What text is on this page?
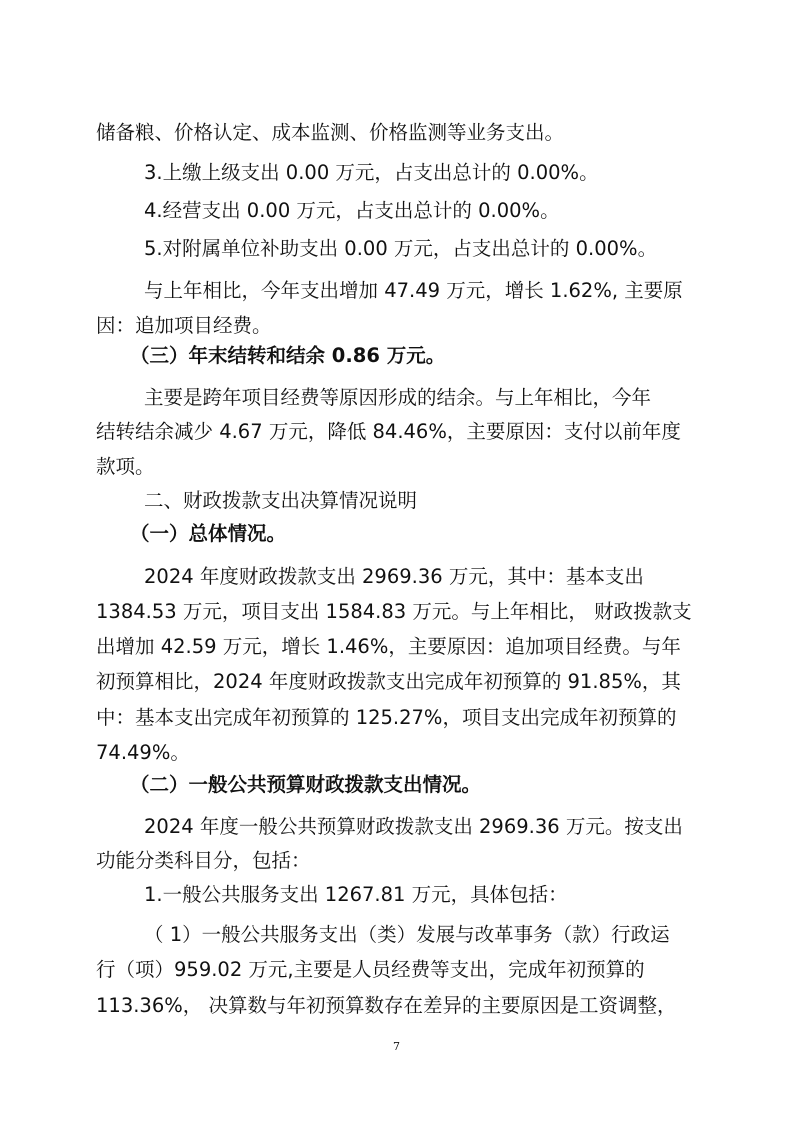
储备粮、价格认定、成本监测、价格监测等业务支出。
3.上缴上级支出 0.00 万元，占支出总计的 0.00%。
4.经营支出 0.00 万元，占支出总计的 0.00%。
5.对附属单位补助支出 0.00 万元，占支出总计的 0.00%。
与上年相比，今年支出增加 47.49 万元，增长 1.62%, 主要原
因：追加项目经费。
（三）年末结转和结余 0.86 万元。
主要是跨年项目经费等原因形成的结余。与上年相比，今年
结转结余减少 4.67 万元，降低 84.46%，主要原因：支付以前年度
款项。
二、财政拨款支出决算情况说明
（一）总体情况。
2024 年度财政拨款支出 2969.36 万元，其中：基本支出
1384.53 万元，项目支出 1584.83 万元。与上年相比， 财政拨款支
出增加 42.59 万元，增长 1.46%，主要原因：追加项目经费。与年
初预算相比，2024 年度财政拨款支出完成年初预算的 91.85%，其
中：基本支出完成年初预算的 125.27%，项目支出完成年初预算的
74.49%。
（二）一般公共预算财政拨款支出情况。
2024 年度一般公共预算财政拨款支出 2969.36 万元。按支出
功能分类科目分，包括：
1.一般公共服务支出 1267.81 万元，具体包括：
（ 1）一般公共服务支出（类）发展与改革事务（款）行政运
行（项）959.02 万元,主要是人员经费等支出，完成年初预算的
113.36%， 决算数与年初预算数存在差异的主要原因是工资调整，
7
